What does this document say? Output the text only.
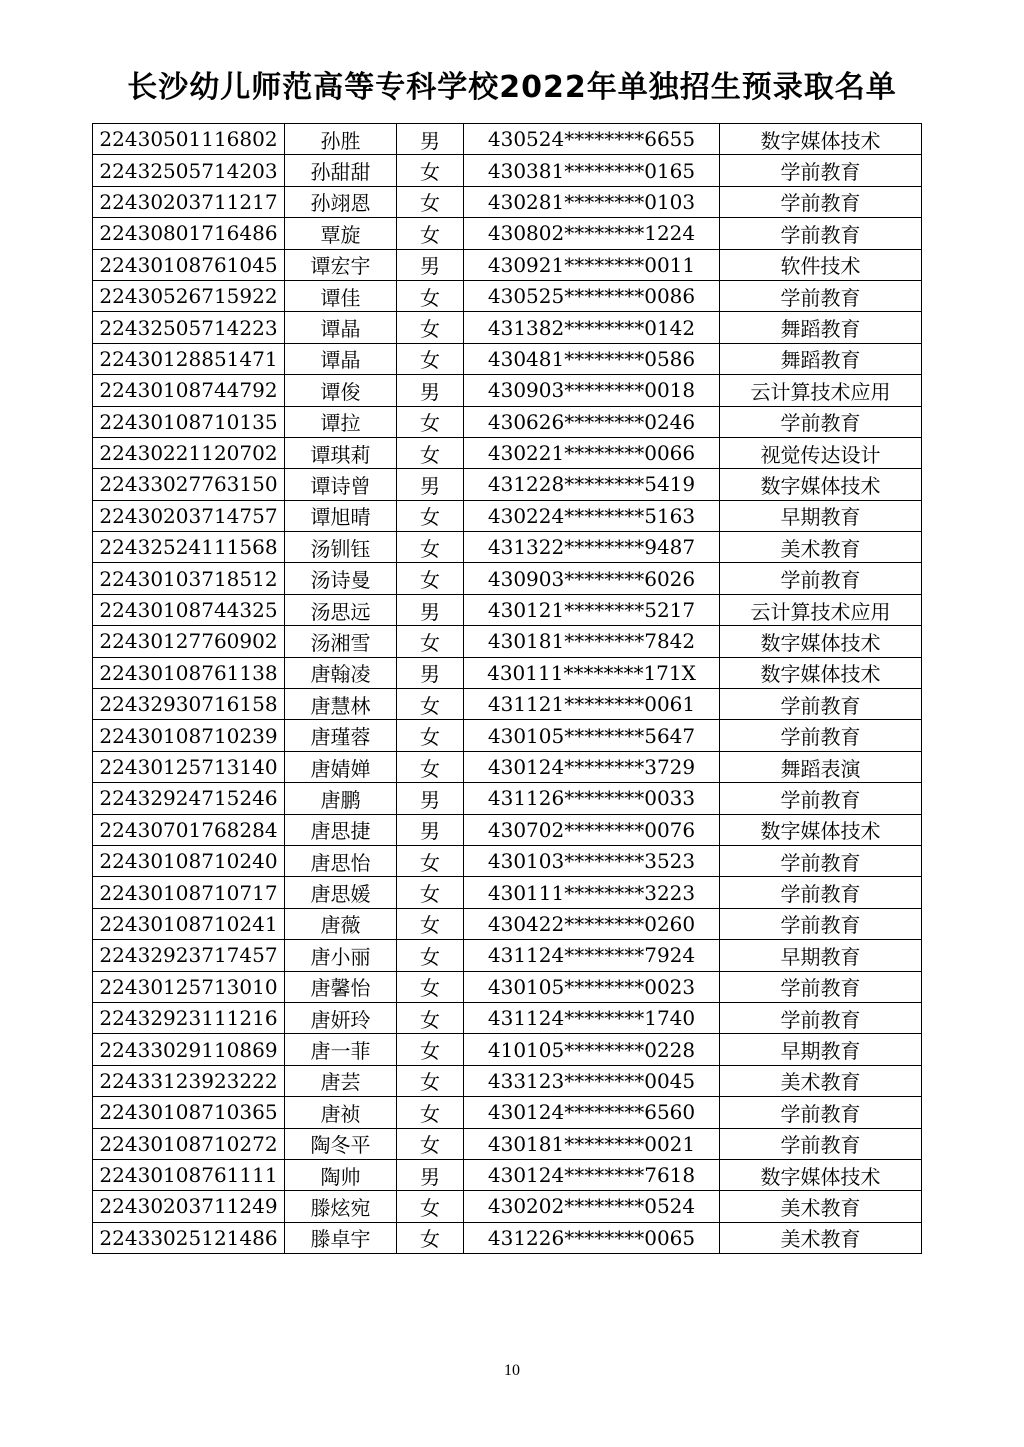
长沙幼儿师范高等专科学校2022年单独招生预录取名单
22430501116802	孙胜	男	430524********6655	数字媒体技术
22432505714203	孙甜甜	女	430381********0165	学前教育
22430203711217	孙翊恩	女	430281********0103	学前教育
22430801716486	覃旋	女	430802********1224	学前教育
22430108761045	谭宏宇	男	430921********0011	软件技术
22430526715922	谭佳	女	430525********0086	学前教育
22432505714223	谭晶	女	431382********0142	舞蹈教育
22430128851471	谭晶	女	430481********0586	舞蹈教育
22430108744792	谭俊	男	430903********0018	云计算技术应用
22430108710135	谭拉	女	430626********0246	学前教育
22430221120702	谭琪莉	女	430221********0066	视觉传达设计
22433027763150	谭诗曾	男	431228********5419	数字媒体技术
22430203714757	谭旭晴	女	430224********5163	早期教育
22432524111568	汤钏钰	女	431322********9487	美术教育
22430103718512	汤诗曼	女	430903********6026	学前教育
22430108744325	汤思远	男	430121********5217	云计算技术应用
22430127760902	汤湘雪	女	430181********7842	数字媒体技术
22430108761138	唐翰凌	男	430111********171X	数字媒体技术
22432930716158	唐慧林	女	431121********0061	学前教育
22430108710239	唐瑾蓉	女	430105********5647	学前教育
22430125713140	唐婧婵	女	430124********3729	舞蹈表演
22432924715246	唐鹏	男	431126********0033	学前教育
22430701768284	唐思捷	男	430702********0076	数字媒体技术
22430108710240	唐思怡	女	430103********3523	学前教育
22430108710717	唐思媛	女	430111********3223	学前教育
22430108710241	唐薇	女	430422********0260	学前教育
22432923717457	唐小丽	女	431124********7924	早期教育
22430125713010	唐馨怡	女	430105********0023	学前教育
22432923111216	唐妍玲	女	431124********1740	学前教育
22433029110869	唐一菲	女	410105********0228	早期教育
22433123923222	唐芸	女	433123********0045	美术教育
22430108710365	唐祯	女	430124********6560	学前教育
22430108710272	陶冬平	女	430181********0021	学前教育
22430108761111	陶帅	男	430124********7618	数字媒体技术
22430203711249	滕炫宛	女	430202********0524	美术教育
22433025121486	滕卓宇	女	431226********0065	美术教育
10
